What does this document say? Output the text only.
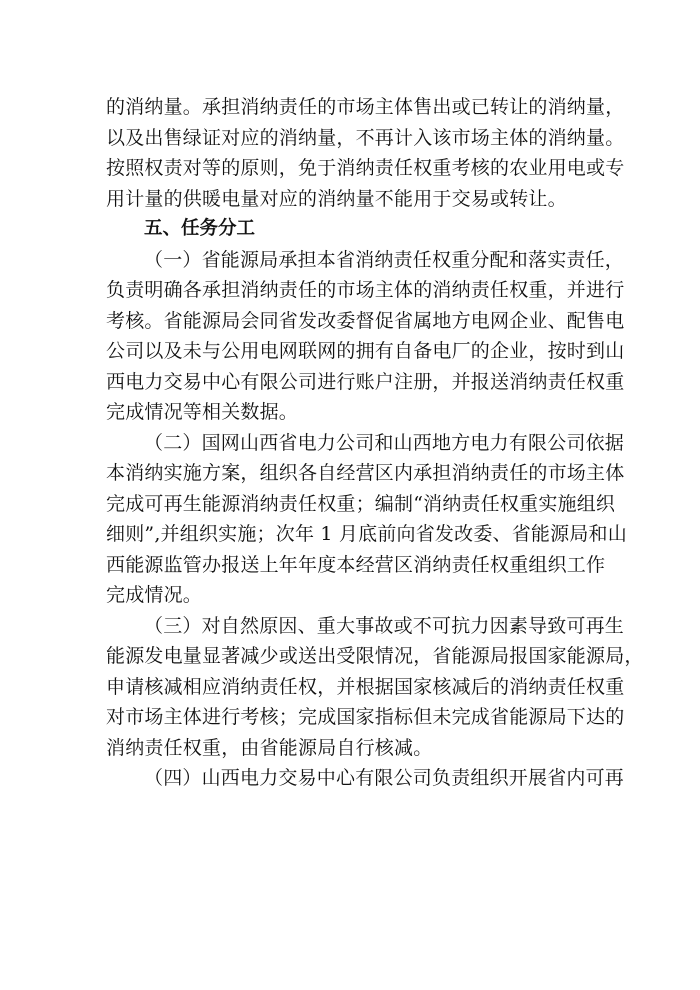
的消纳量。承担消纳责任的市场主体售出或已转让的消纳量，
以及出售绿证对应的消纳量，不再计入该市场主体的消纳量。
按照权责对等的原则，免于消纳责任权重考核的农业用电或专
用计量的供暖电量对应的消纳量不能用于交易或转让。
五、任务分工
（一）省能源局承担本省消纳责任权重分配和落实责任，
负责明确各承担消纳责任的市场主体的消纳责任权重，并进行
考核。省能源局会同省发改委督促省属地方电网企业、配售电
公司以及未与公用电网联网的拥有自备电厂的企业，按时到山
西电力交易中心有限公司进行账户注册，并报送消纳责任权重
完成情况等相关数据。
（二）国网山西省电力公司和山西地方电力有限公司依据
本消纳实施方案，组织各自经营区内承担消纳责任的市场主体
完成可再生能源消纳责任权重；编制“消纳责任权重实施组织
细则”,并组织实施；次年 1 月底前向省发改委、省能源局和山
西能源监管办报送上年年度本经营区消纳责任权重组织工作
完成情况。
（三）对自然原因、重大事故或不可抗力因素导致可再生
能源发电量显著减少或送出受限情况，省能源局报国家能源局，
申请核减相应消纳责任权，并根据国家核减后的消纳责任权重
对市场主体进行考核；完成国家指标但未完成省能源局下达的
消纳责任权重，由省能源局自行核减。
（四）山西电力交易中心有限公司负责组织开展省内可再
